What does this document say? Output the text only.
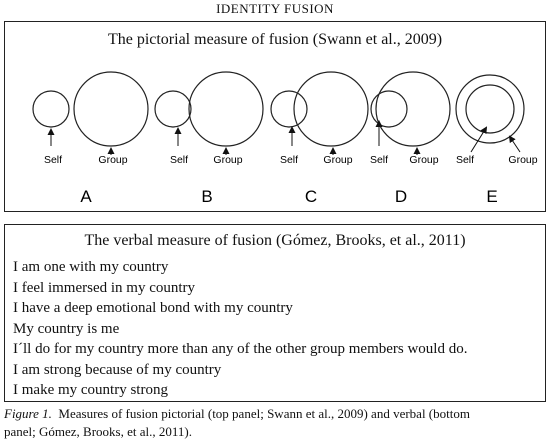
IDENTITY FUSION
The pictorial measure of fusion (Swann et al., 2009)
Self	Group
A
Self Group
B
Self Group
C
Self Group
D
Self	Group
E
The verbal measure of fusion (Gómez, Brooks, et al., 2011)
I am one with my country
I feel immersed in my country
I have a deep emotional bond with my country
My country is me
I´ll do for my country more than any of the other group members would do.
I am strong because of my country
I make my country strong
Figure 1. Measures of fusion pictorial (top panel; Swann et al., 2009) and verbal (bottom
panel; Gómez, Brooks, et al., 2011).
